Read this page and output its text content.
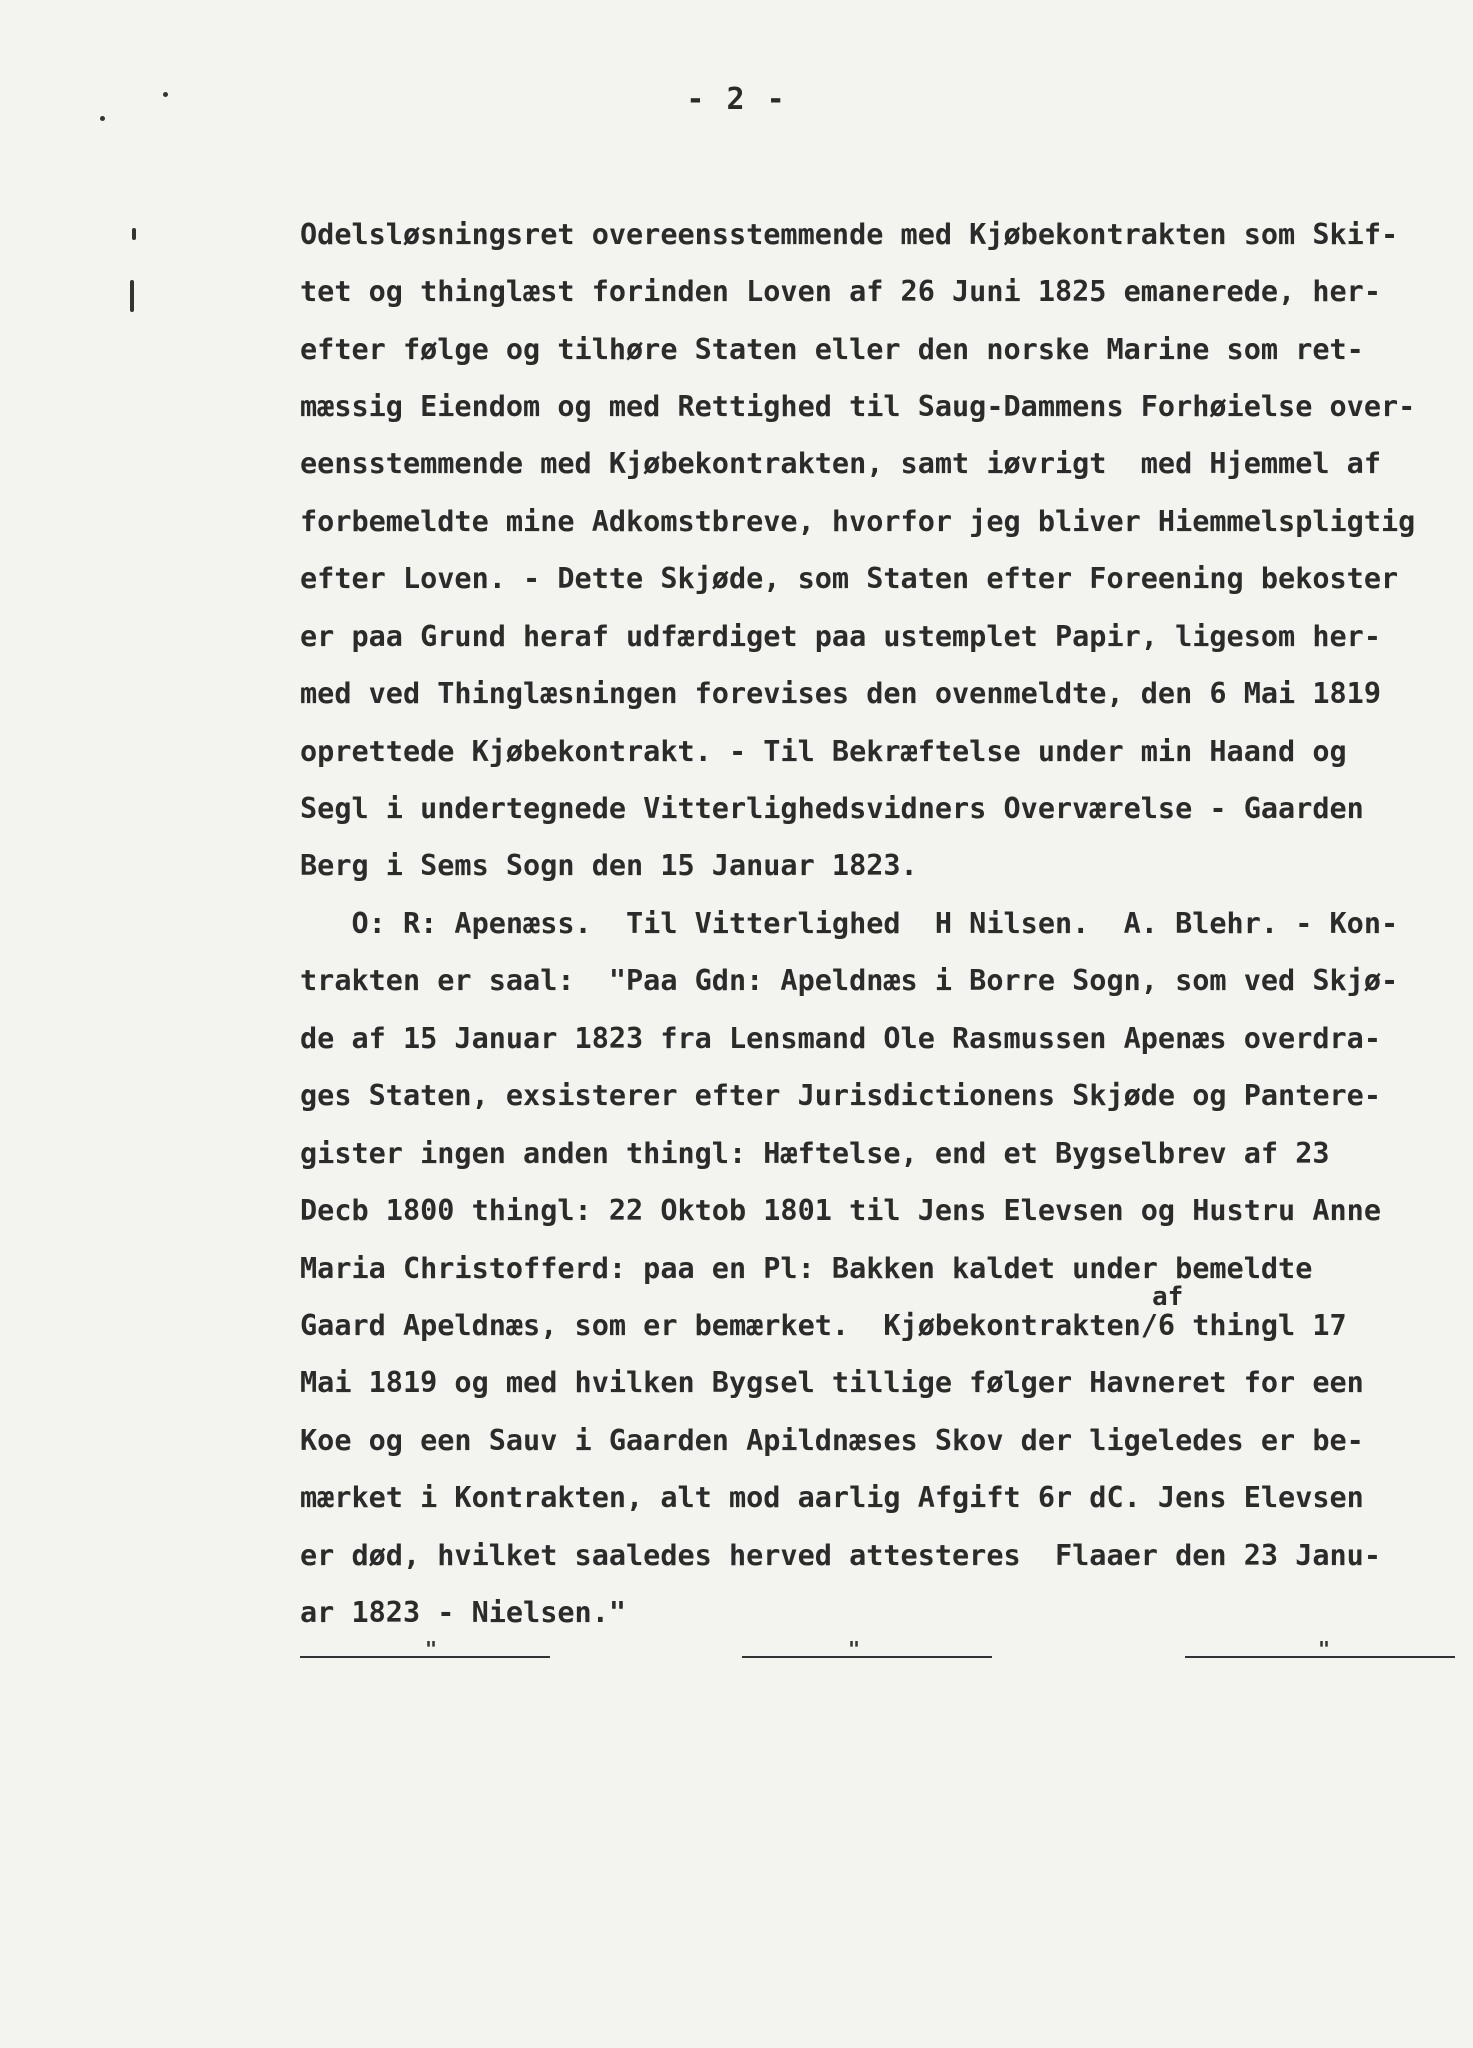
- 2 -
Odelsløsningsret overeensstemmende med Kjøbekontrakten som Skif-
tet og thinglæst forinden Loven af 26 Juni 1825 emanerede, her-
efter følge og tilhøre Staten eller den norske Marine som ret-
mæssig Eiendom og med Rettighed til Saug-Dammens Forhøielse over-
eensstemmende med Kjøbekontrakten, samt iøvrigt  med Hjemmel af
forbemeldte mine Adkomstbreve, hvorfor jeg bliver Hiemmelspligtig
efter Loven. - Dette Skjøde, som Staten efter Foreening bekoster
er paa Grund heraf udfærdiget paa ustemplet Papir, ligesom her-
med ved Thinglæsningen forevises den ovenmeldte, den 6 Mai 1819
oprettede Kjøbekontrakt. - Til Bekræftelse under min Haand og
Segl i undertegnede Vitterlighedsvidners Overværelse - Gaarden
Berg i Sems Sogn den 15 Januar 1823.
O: R: Apenæss.  Til Vitterlighed  H Nilsen.  A. Blehr. - Kon-
trakten er saal:  "Paa Gdn: Apeldnæs i Borre Sogn, som ved Skjø-
de af 15 Januar 1823 fra Lensmand Ole Rasmussen Apenæs overdra-
ges Staten, exsisterer efter Jurisdictionens Skjøde og Pantere-
gister ingen anden thingl: Hæftelse, end et Bygselbrev af 23
Decb 1800 thingl: 22 Oktob 1801 til Jens Elevsen og Hustru Anne
Maria Christofferd: paa en Pl: Bakken kaldet under bemeldte
Gaard Apeldnæs, som er bemærket.  Kjøbekontrakten/6 thingl 17
Mai 1819 og med hvilken Bygsel tillige følger Havneret for een
Koe og een Sauv i Gaarden Apildnæses Skov der ligeledes er be-
mærket i Kontrakten, alt mod aarlig Afgift 6r dC. Jens Elevsen
er død, hvilket saaledes herved attesteres  Flaaer den 23 Janu-
ar 1823 - Nielsen."
af
"	"	"
